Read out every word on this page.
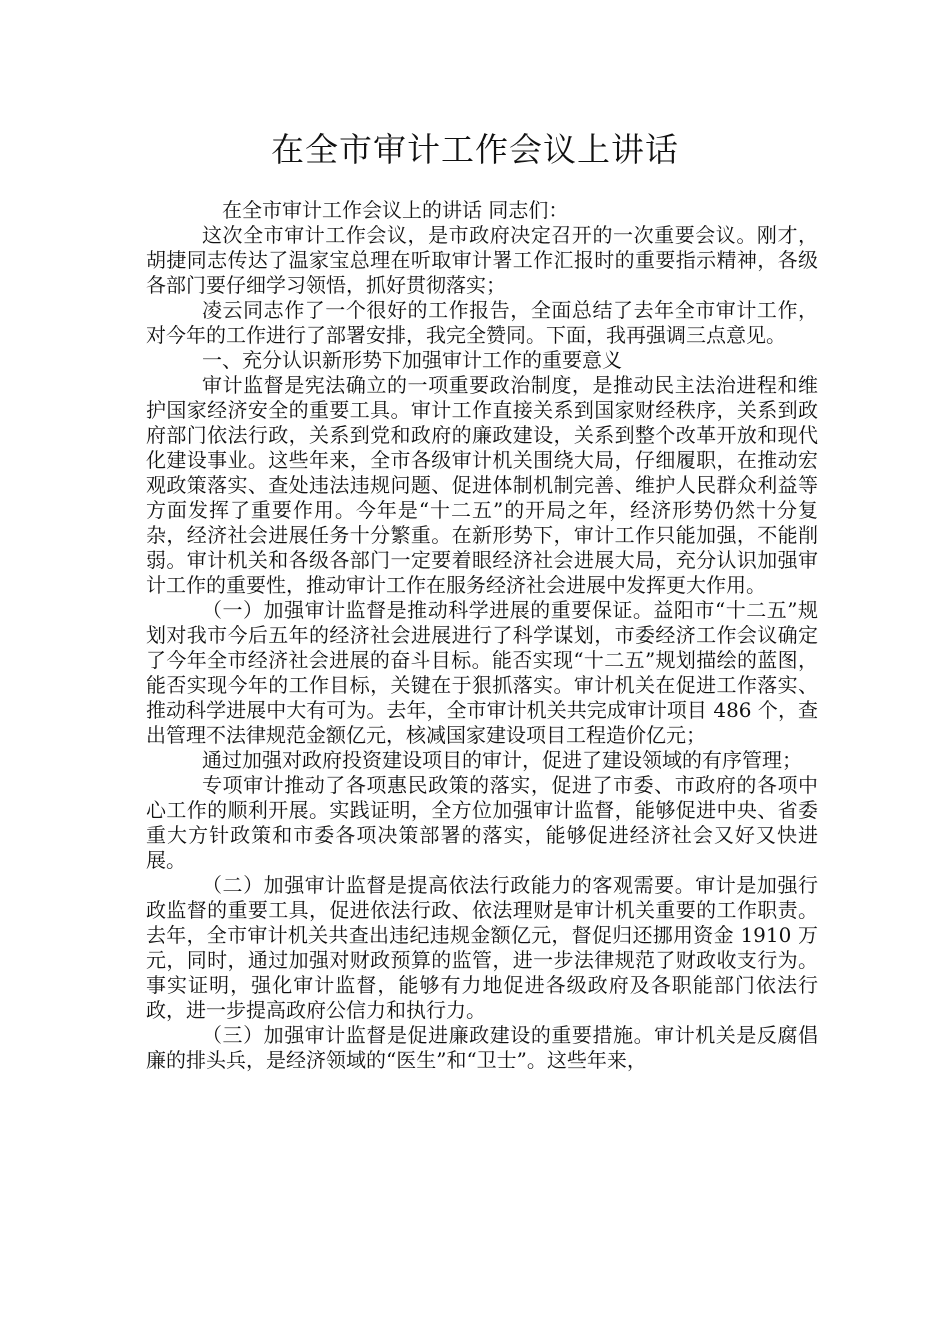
在全市审计工作会议上讲话

在全市审计工作会议上的讲话 同志们：

这次全市审计工作会议，是市政府决定召开的一次重要会议。刚才，胡捷同志传达了温家宝总理在听取审计署工作汇报时的重要指示精神，各级各部门要仔细学习领悟，抓好贯彻落实；

凌云同志作了一个很好的工作报告，全面总结了去年全市审计工作，对今年的工作进行了部署安排，我完全赞同。下面，我再强调三点意见。

一、充分认识新形势下加强审计工作的重要意义

审计监督是宪法确立的一项重要政治制度，是推动民主法治进程和维护国家经济安全的重要工具。审计工作直接关系到国家财经秩序，关系到政府部门依法行政，关系到党和政府的廉政建设，关系到整个改革开放和现代化建设事业。这些年来，全市各级审计机关围绕大局，仔细履职，在推动宏观政策落实、查处违法违规问题、促进体制机制完善、维护人民群众利益等方面发挥了重要作用。今年是“十二五”的开局之年，经济形势仍然十分复杂，经济社会进展任务十分繁重。在新形势下，审计工作只能加强，不能削弱。审计机关和各级各部门一定要着眼经济社会进展大局，充分认识加强审计工作的重要性，推动审计工作在服务经济社会进展中发挥更大作用。

（一）加强审计监督是推动科学进展的重要保证。益阳市“十二五”规划对我市今后五年的经济社会进展进行了科学谋划，市委经济工作会议确定了今年全市经济社会进展的奋斗目标。能否实现“十二五”规划描绘的蓝图，能否实现今年的工作目标，关键在于狠抓落实。审计机关在促进工作落实、推动科学进展中大有可为。去年，全市审计机关共完成审计项目 486 个，查出管理不法律规范金额亿元，核减国家建设项目工程造价亿元；

通过加强对政府投资建设项目的审计，促进了建设领域的有序管理；

专项审计推动了各项惠民政策的落实，促进了市委、市政府的各项中心工作的顺利开展。实践证明，全方位加强审计监督，能够促进中央、省委重大方针政策和市委各项决策部署的落实，能够促进经济社会又好又快进展。

（二）加强审计监督是提高依法行政能力的客观需要。审计是加强行政监督的重要工具，促进依法行政、依法理财是审计机关重要的工作职责。去年，全市审计机关共查出违纪违规金额亿元，督促归还挪用资金 1910 万元，同时，通过加强对财政预算的监管，进一步法律规范了财政收支行为。事实证明，强化审计监督，能够有力地促进各级政府及各职能部门依法行政，进一步提高政府公信力和执行力。

（三）加强审计监督是促进廉政建设的重要措施。审计机关是反腐倡廉的排头兵，是经济领域的“医生”和“卫士”。这些年来，
